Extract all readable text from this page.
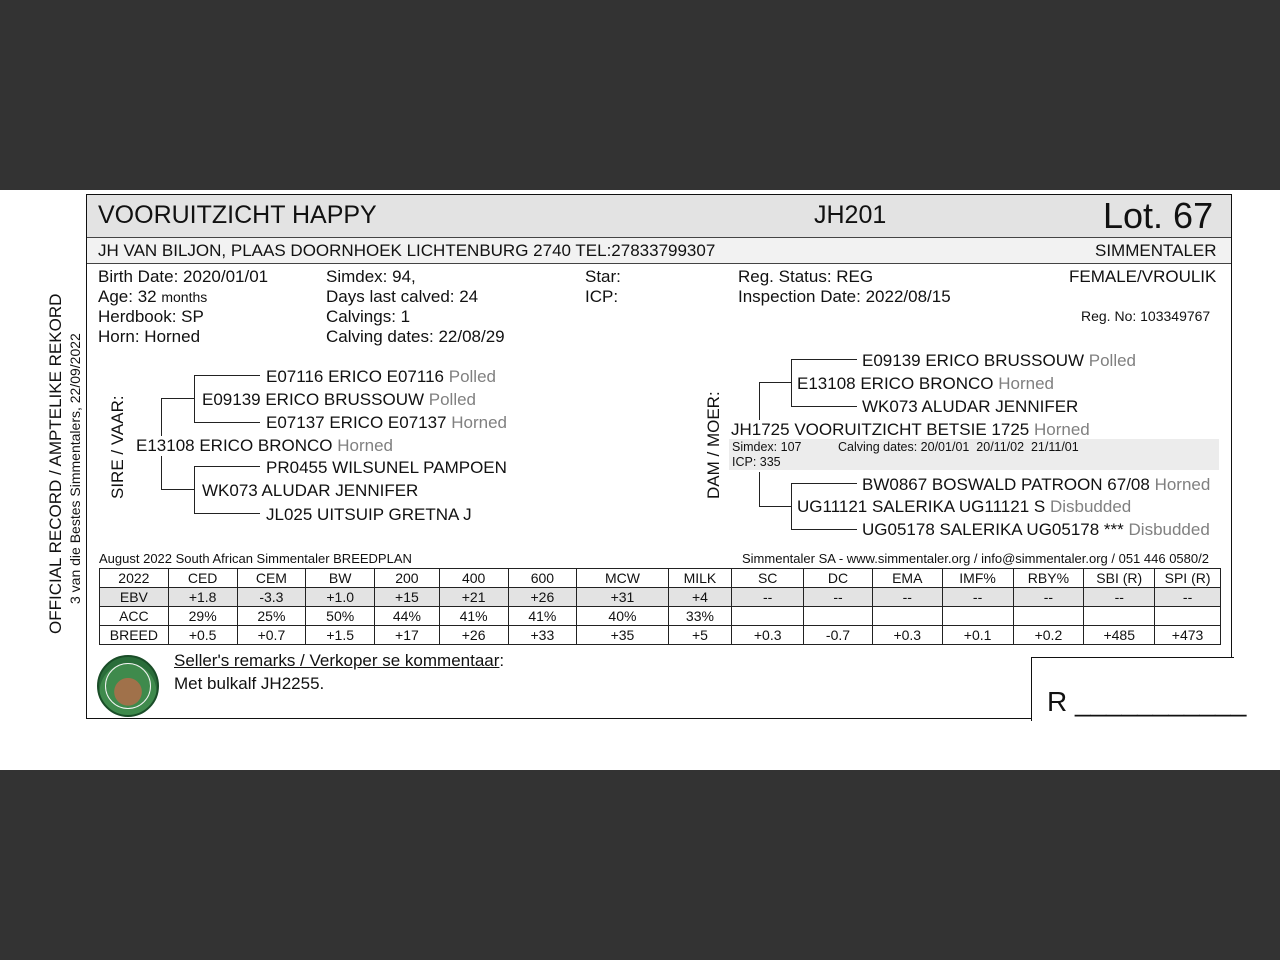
OFFICIAL RECORD / AMPTELIKE REKORD 3 van die Bestes Simmentalers, 22/09/2022
VOORUITZICHT HAPPY	JH201	Lot. 67
JH VAN BILJON, PLAAS DOORNHOEK LICHTENBURG 2740 TEL:27833799307	SIMMENTALER
Birth Date: 2020/01/01
Age: 32 months
Herdbook: SP
Horn: Horned
Simdex: 94,
Days last calved: 24
Calvings: 1
Calving dates: 22/08/29
Star:
ICP:
Reg. Status: REG
Inspection Date: 2022/08/15
FEMALE/VROULIK
Reg. No: 103349767
SIRE / VAAR:
E07116 ERICO E07116 Polled
E09139 ERICO BRUSSOUW Polled
E07137 ERICO E07137 Horned
E13108 ERICO BRONCO Horned
PR0455 WILSUNEL PAMPOEN
WK073 ALUDAR JENNIFER
JL025 UITSUIP GRETNA J
DAM / MOER:
E09139 ERICO BRUSSOUW Polled
E13108 ERICO BRONCO Horned
WK073 ALUDAR JENNIFER
JH1725 VOORUITZICHT BETSIE 1725 Horned
Simdex: 107	Calving dates: 20/01/01  20/11/02  21/11/01
ICP: 335
BW0867 BOSWALD PATROON 67/08 Horned
UG11121 SALERIKA UG11121 S Disbudded
UG05178 SALERIKA UG05178 *** Disbudded
August 2022 South African Simmentaler BREEDPLAN	Simmentaler SA - www.simmentaler.org / info@simmentaler.org / 051 446 0580/2
2022	CED	CEM	BW	200	400	600	MCW	MILK	SC	DC	EMA	IMF%	RBY%	SBI (R)	SPI (R)
EBV	+1.8	-3.3	+1.0	+15	+21	+26	+31	+4	--	--	--	--	--	--	--
ACC	29%	25%	50%	44%	41%	41%	40%	33%							
BREED	+0.5	+0.7	+1.5	+17	+26	+33	+35	+5	+0.3	-0.7	+0.3	+0.1	+0.2	+485	+473
Seller's remarks / Verkoper se kommentaar:
Met bulkalf JH2255.
R ___________
